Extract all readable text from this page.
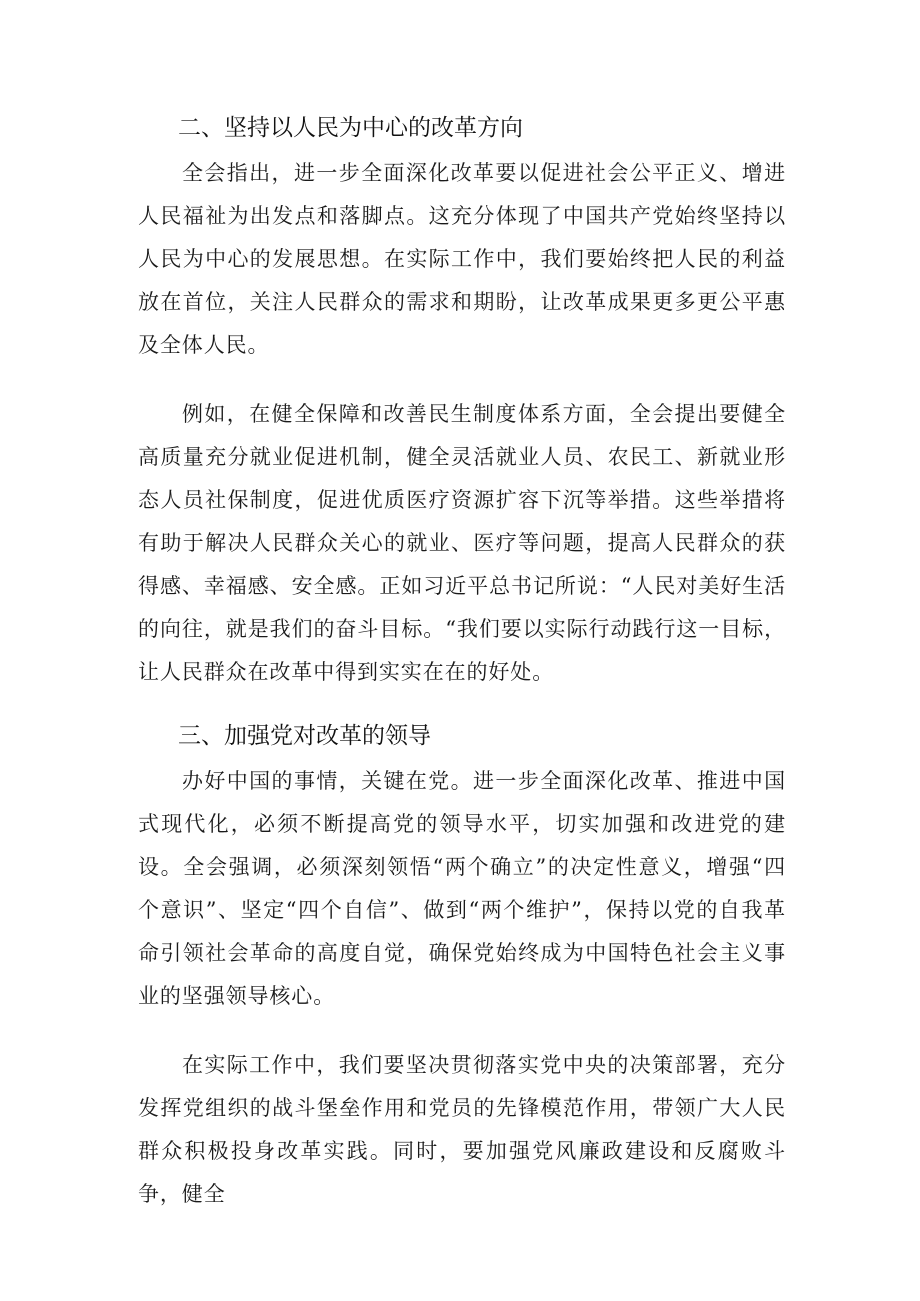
二、坚持以人民为中心的改革方向

全会指出，进一步全面深化改革要以促进社会公平正义、增进人民福祉为出发点和落脚点。这充分体现了中国共产党始终坚持以人民为中心的发展思想。在实际工作中，我们要始终把人民的利益放在首位，关注人民群众的需求和期盼，让改革成果更多更公平惠及全体人民。

例如，在健全保障和改善民生制度体系方面，全会提出要健全高质量充分就业促进机制，健全灵活就业人员、农民工、新就业形态人员社保制度，促进优质医疗资源扩容下沉等举措。这些举措将有助于解决人民群众关心的就业、医疗等问题，提高人民群众的获得感、幸福感、安全感。正如习近平总书记所说：“人民对美好生活的向往，就是我们的奋斗目标。“我们要以实际行动践行这一目标，让人民群众在改革中得到实实在在的好处。

三、加强党对改革的领导

办好中国的事情，关键在党。进一步全面深化改革、推进中国式现代化，必须不断提高党的领导水平，切实加强和改进党的建设。全会强调，必须深刻领悟“两个确立”的决定性意义，增强“四个意识”、坚定“四个自信”、做到“两个维护”，保持以党的自我革命引领社会革命的高度自觉，确保党始终成为中国特色社会主义事业的坚强领导核心。

在实际工作中，我们要坚决贯彻落实党中央的决策部署，充分发挥党组织的战斗堡垒作用和党员的先锋模范作用，带领广大人民群众积极投身改革实践。同时，要加强党风廉政建设和反腐败斗争，健全
